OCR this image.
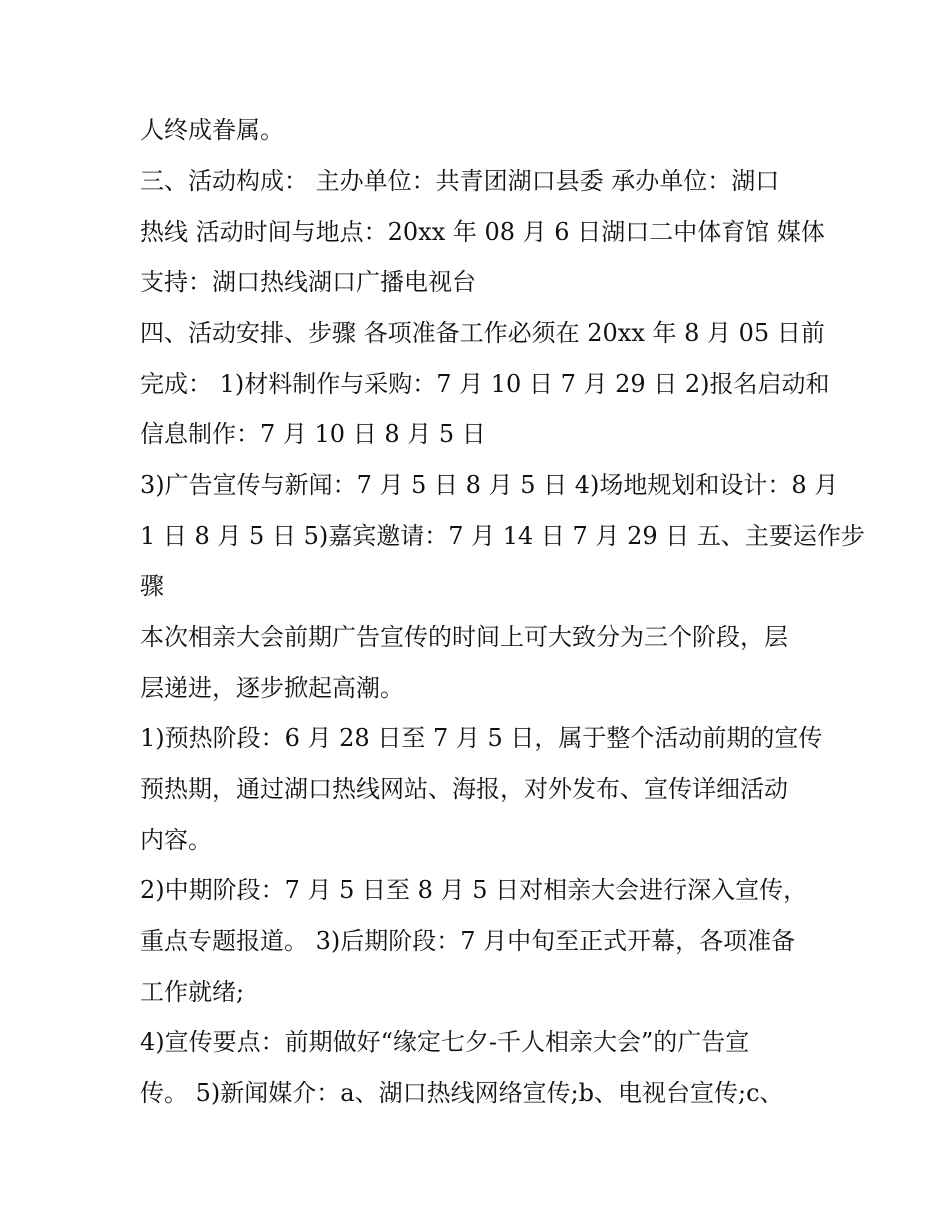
人终成眷属。
三、活动构成： 主办单位：共青团湖口县委 承办单位：湖口
热线 活动时间与地点：20xx 年 08 月 6 日湖口二中体育馆 媒体
支持：湖口热线湖口广播电视台
四、活动安排、步骤 各项准备工作必须在 20xx 年 8 月 05 日前
完成： 1)材料制作与采购：7 月 10 日 7 月 29 日 2)报名启动和
信息制作：7 月 10 日 8 月 5 日
3)广告宣传与新闻：7 月 5 日 8 月 5 日 4)场地规划和设计：8 月
1 日 8 月 5 日 5)嘉宾邀请：7 月 14 日 7 月 29 日 五、主要运作步
骤
本次相亲大会前期广告宣传的时间上可大致分为三个阶段，层
层递进，逐步掀起高潮。
1)预热阶段：6 月 28 日至 7 月 5 日，属于整个活动前期的宣传
预热期，通过湖口热线网站、海报，对外发布、宣传详细活动
内容。
2)中期阶段：7 月 5 日至 8 月 5 日对相亲大会进行深入宣传，
重点专题报道。 3)后期阶段：7 月中旬至正式开幕，各项准备
工作就绪;
4)宣传要点：前期做好“缘定七夕-千人相亲大会”的广告宣
传。 5)新闻媒介：a、湖口热线网络宣传;b、电视台宣传;c、
